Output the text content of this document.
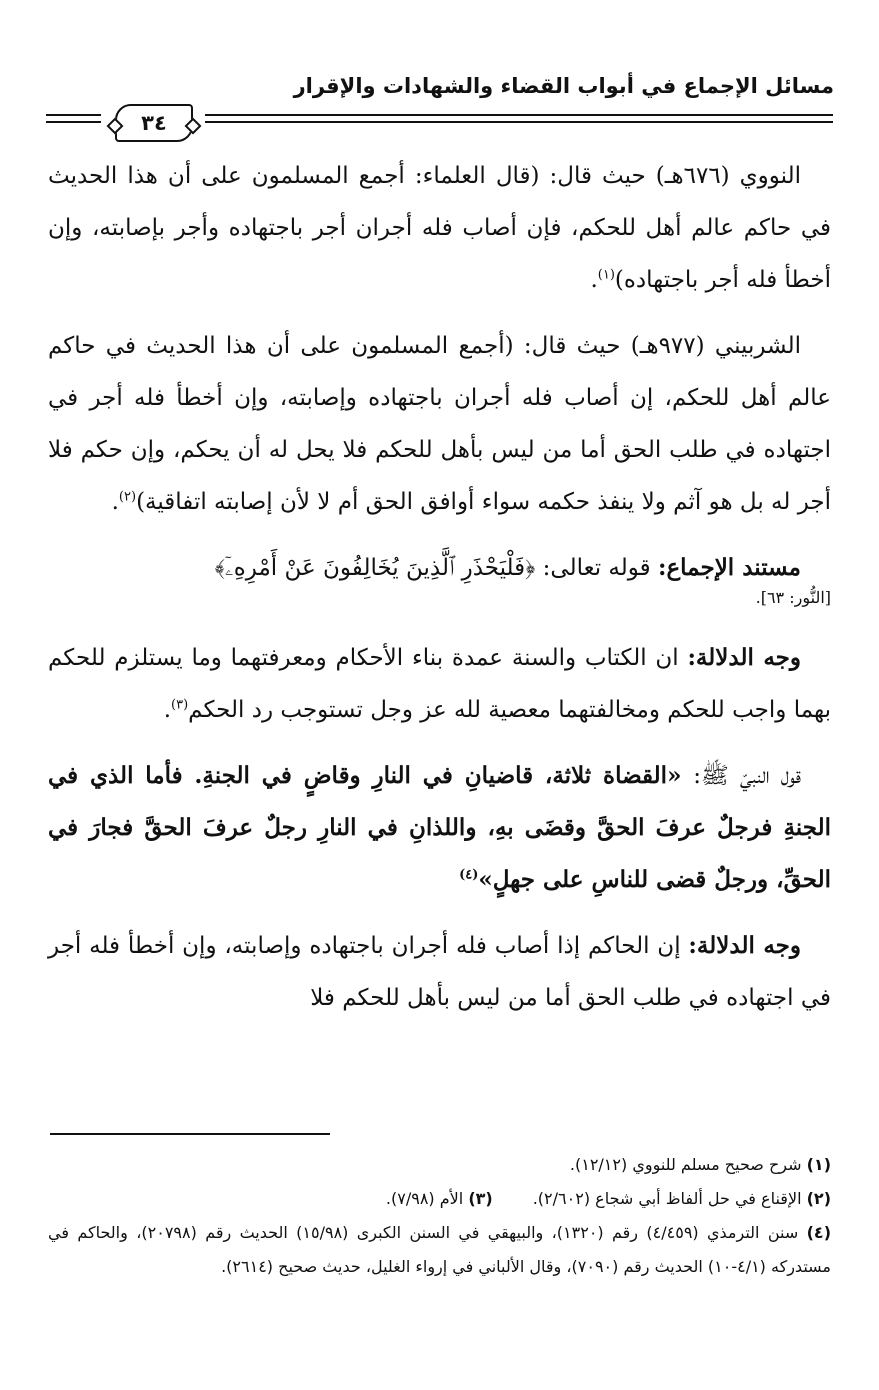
مسائل الإجماع في أبواب القضاء والشهادات والإقرار
٣٤

النووي (٦٧٦هـ) حيث قال: (قال العلماء: أجمع المسلمون على أن هذا الحديث في حاكم عالم أهل للحكم، فإن أصاب فله أجران أجر باجتهاده وأجر بإصابته، وإن أخطأ فله أجر باجتهاده)$^{(١)}$.

الشربيني (٩٧٧هـ) حيث قال: (أجمع المسلمون على أن هذا الحديث في حاكم عالم أهل للحكم، إن أصاب فله أجران باجتهاده وإصابته، وإن أخطأ فله أجر في اجتهاده في طلب الحق أما من ليس بأهل للحكم فلا يحل له أن يحكم، وإن حكم فلا أجر له بل هو آثم ولا ينفذ حكمه سواء أوافق الحق أم لا لأن إصابته اتفاقية)$^{(٢)}$.

مستند الإجماع: قوله تعالى: ﴿فَلْيَحْذَرِ ٱلَّذِينَ يُخَالِفُونَ عَنْ أَمْرِهِۦٓ﴾

[النُّور: ٦٣].

وجه الدلالة: ان الكتاب والسنة عمدة بناء الأحكام ومعرفتهما وما يستلزم للحكم بهما واجب للحكم ومخالفتهما معصية لله عز وجل تستوجب رد الحكم$^{(٣)}$.

قول النبيّ ﷺ: «القضاة ثلاثة، قاضيانِ في النارِ وقاضٍ في الجنةِ. فأما الذي في الجنةِ فرجلٌ عرفَ الحقَّ وقضَى بهِ، واللذانِ في النارِ رجلٌ عرفَ الحقَّ فجارَ في الحقِّ، ورجلٌ قضى للناسِ على جهلٍ»$^{(٤)}$

وجه الدلالة: إن الحاكم إذا أصاب فله أجران باجتهاده وإصابته، وإن أخطأ فله أجر في اجتهاده في طلب الحق أما من ليس بأهل للحكم فلا

(١) شرح صحيح مسلم للنووي (١٢/١٢).

(٢) الإقناع في حل ألفاظ أبي شجاع (٢/٦٠٢).(٣) الأم (٧/٩٨).

(٤) سنن الترمذي (٤/٤٥٩) رقم (١٣٢٠)، والبيهقي في السنن الكبرى (١٥/٩٨) الحديث رقم (٢٠٧٩٨)، والحاكم في مستدركه (٤/١-١٠) الحديث رقم (٧٠٩٠)، وقال الألباني في إرواء الغليل، حديث صحيح (٢٦١٤).
